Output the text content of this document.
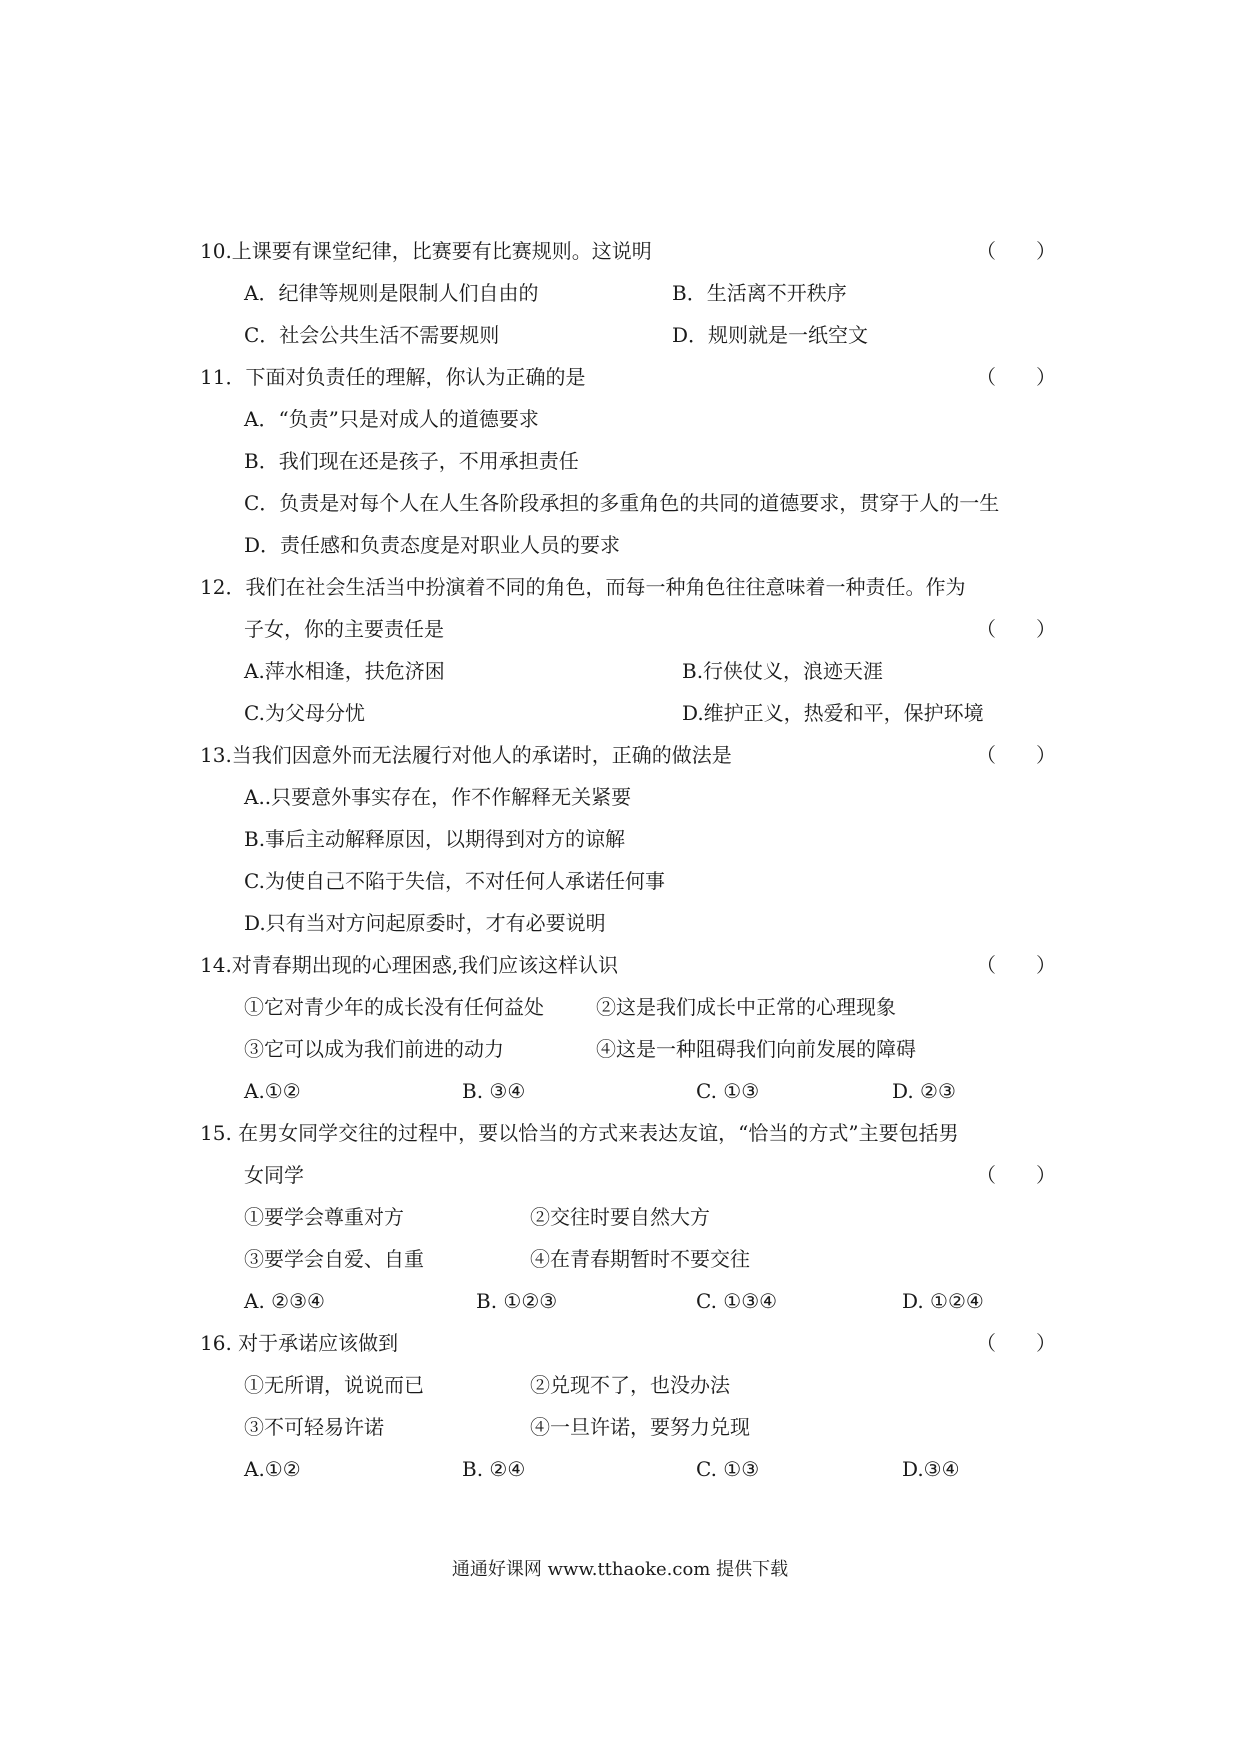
10.上课要有课堂纪律，比赛要有比赛规则。这说明	（　　）
A．纪律等规则是限制人们自由的	B．生活离不开秩序
C．社会公共生活不需要规则	D．规则就是一纸空文
11．下面对负责任的理解，你认为正确的是	（　　）
A．“负责”只是对成人的道德要求
B．我们现在还是孩子，不用承担责任
C．负责是对每个人在人生各阶段承担的多重角色的共同的道德要求，贯穿于人的一生
D．责任感和负责态度是对职业人员的要求
12．我们在社会生活当中扮演着不同的角色，而每一种角色往往意味着一种责任。作为
子女，你的主要责任是	（　　）
A.萍水相逢，扶危济困	B.行侠仗义，浪迹天涯
C.为父母分忧	D.维护正义，热爱和平，保护环境
13.当我们因意外而无法履行对他人的承诺时，正确的做法是	（　　）
A..只要意外事实存在，作不作解释无关紧要
B.事后主动解释原因，以期得到对方的谅解
C.为使自己不陷于失信，不对任何人承诺任何事
D.只有当对方问起原委时，才有必要说明
14.对青春期出现的心理困惑,我们应该这样认识	（　　）
①它对青少年的成长没有任何益处	②这是我们成长中正常的心理现象
③它可以成为我们前进的动力	④这是一种阻碍我们向前发展的障碍
A.①②	B. ③④	C. ①③	D. ②③
15. 在男女同学交往的过程中，要以恰当的方式来表达友谊，“恰当的方式”主要包括男
女同学	（　　）
①要学会尊重对方	②交往时要自然大方
③要学会自爱、自重	④在青春期暂时不要交往
A. ②③④	B. ①②③	C. ①③④	D. ①②④
16. 对于承诺应该做到	（　　）
①无所谓，说说而已	②兑现不了，也没办法
③不可轻易许诺	④一旦许诺，要努力兑现
A.①②	B. ②④	C. ①③	D.③④
通通好课网 www.tthaoke.com 提供下载
